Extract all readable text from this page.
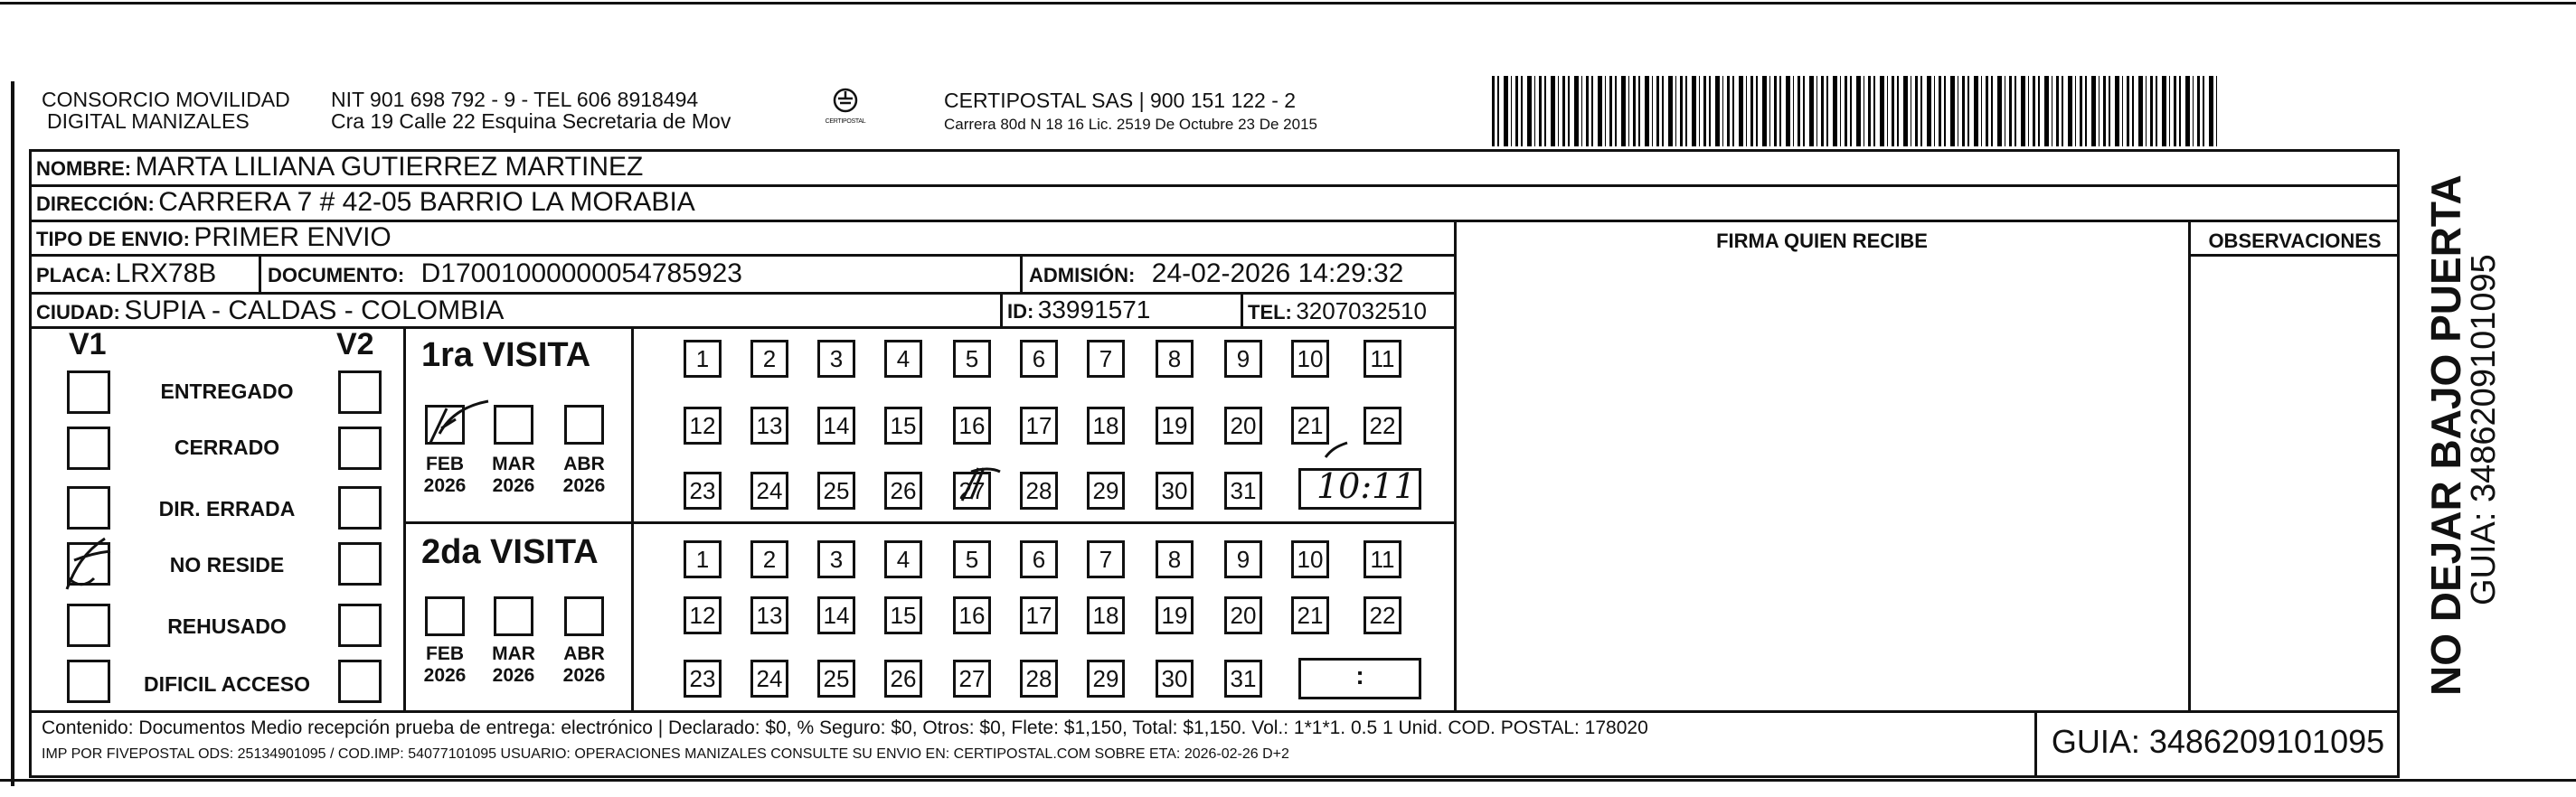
CONSORCIO MOVILIDAD
DIGITAL MANIZALES
NIT 901 698 792 - 9 - TEL 606 8918494
Cra 19 Calle 22 Esquina Secretaria de Mov	CERTIPOSTAL
CERTIPOSTAL SAS | 900 151 122 - 2
Carrera 80d N 18 16 Lic. 2519 De Octubre 23 De 2015
NOMBRE: MARTA LILIANA GUTIERREZ MARTINEZ
DIRECCIÓN: CARRERA 7 # 42-05 BARRIO LA MORABIA
TIPO DE ENVIO: PRIMER ENVIO	FIRMA QUIEN RECIBE	OBSERVACIONES
PLACA: LRX78B	DOCUMENTO: D17001000000054785923	ADMISIÓN: 24-02-2026 14:29:32
CIUDAD: SUPIA - CALDAS - COLOMBIA	ID: 33991571	TEL: 3207032510
V1	V2
ENTREGADO
CERRADO
DIR. ERRADA
NO RESIDE
REHUSADO
DIFICIL ACCESO
1ra VISITA
FEB
2026
MAR
2026
ABR
2026
2da VISITA
FEB
2026
MAR
2026
ABR
2026
1	2	3	4	5	6	7	8	9	10 11
12 13 14 15 16 17 18 19 20 21 22
23 24 25 26 27 28 29 30 31
1	2	3	4	5	6	7	8	9	10 11
12 13 14 15 16 17 18 19 20 21 22
23 24 25 26 27 28 29 30 31
10:11
:	NO DEJAR BAJO PUERTA
GUIA: 3486209101095
Contenido: Documentos Medio recepción prueba de entrega: electrónico | Declarado: $0, % Seguro: $0, Otros: $0, Flete: $1,150, Total: $1,150. Vol.: 1*1*1. 0.5 1 Unid. COD. POSTAL: 178020
IMP POR FIVEPOSTAL ODS: 25134901095 / COD.IMP: 54077101095 USUARIO: OPERACIONES MANIZALES CONSULTE SU ENVIO EN: CERTIPOSTAL.COM SOBRE ETA: 2026-02-26 D+2	GUIA: 3486209101095
